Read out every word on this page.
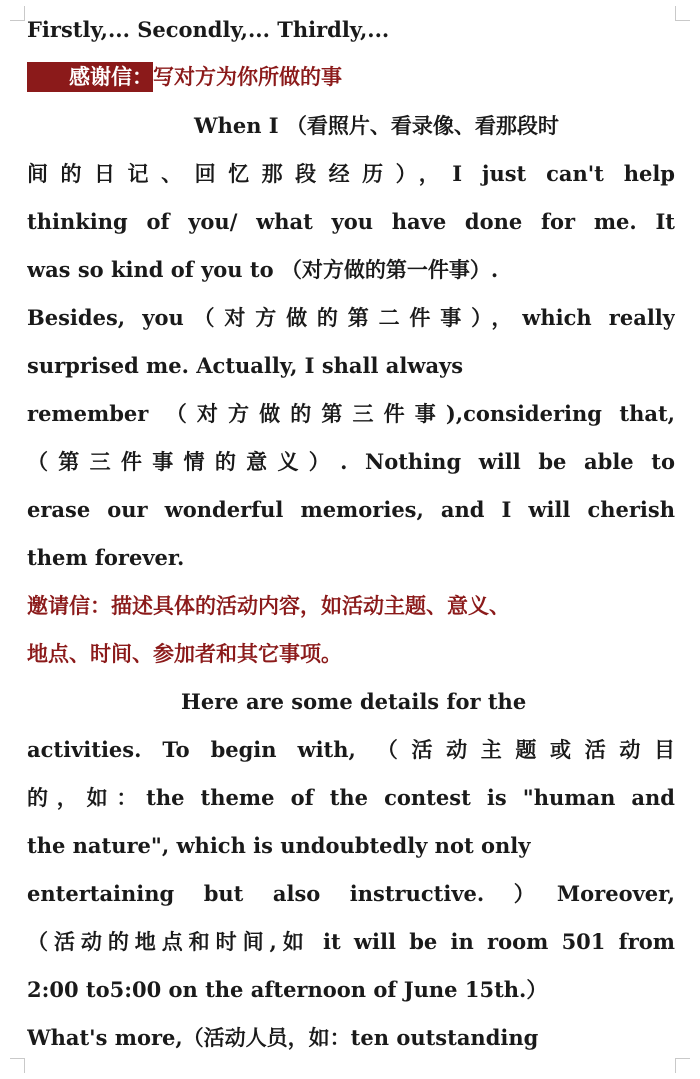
Firstly,... Secondly,... Thirdly,...
感谢信：写对方为你所做的事
When I （看照片、看录像、看那段时
间的日记、回忆那段经历），I just can't help
thinking of you/ what you have done for me. It
was so kind of you to （对方做的第一件事）.
Besides, you（对方做的第二件事），which really
surprised me. Actually, I shall always
remember （对方做的第三件事),considering that,
（第三件事情的意义）. Nothing will be able to
erase our wonderful memories, and I will cherish
them forever.
邀请信：描述具体的活动内容，如活动主题、意义、
地点、时间、参加者和其它事项。
Here are some details for the
activities. To begin with, （活动主题或活动目
的，如：the theme of the contest is "human and
the nature", which is undoubtedly not only
entertaining but also instructive. ）Moreover,
（活动的地点和时间,如 it will be in room 501 from
2:00 to5:00 on the afternoon of June 15th.）
What's more,（活动人员，如：ten outstanding
